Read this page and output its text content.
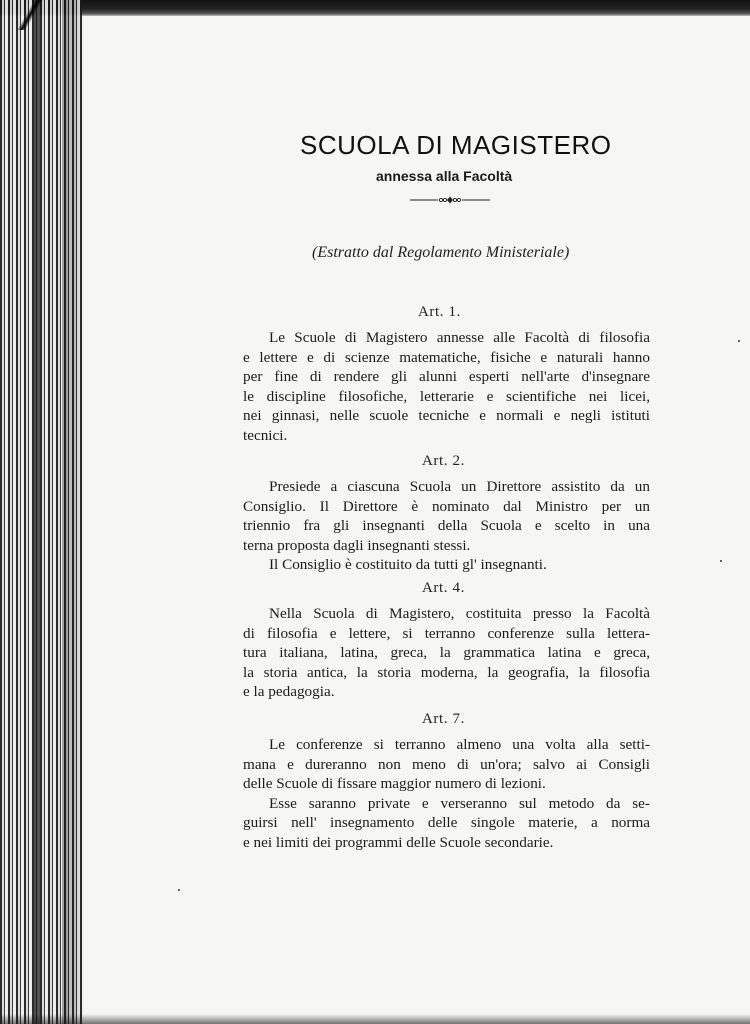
SCUOLA DI MAGISTERO
annessa alla Facoltà
(Estratto dal Regolamento Ministeriale)
Art. 1.
Le Scuole di Magistero annesse alle Facoltà di filosofia
e lettere e di scienze matematiche, fisiche e naturali hanno
per fine di rendere gli alunni esperti nell'arte d'insegnare
le discipline filosofiche, letterarie e scientifiche nei licei,
nei ginnasi, nelle scuole tecniche e normali e negli istituti
tecnici.
Art. 2.
Presiede a ciascuna Scuola un Direttore assistito da un
Consiglio. Il Direttore è nominato dal Ministro per un
triennio fra gli insegnanti della Scuola e scelto in una
terna proposta dagli insegnanti stessi.
Il Consiglio è costituito da tutti gl' insegnanti.
Art. 4.
Nella Scuola di Magistero, costituita presso la Facoltà
di filosofia e lettere, si terranno conferenze sulla lettera-
tura italiana, latina, greca, la grammatica latina e greca,
la storia antica, la storia moderna, la geografia, la filosofia
e la pedagogia.
Art. 7.
Le conferenze si terranno almeno una volta alla setti-
mana e dureranno non meno di un'ora; salvo ai Consigli
delle Scuole di fissare maggior numero di lezioni.
Esse saranno private e verseranno sul metodo da se-
guirsi nell' insegnamento delle singole materie, a norma
e nei limiti dei programmi delle Scuole secondarie.
